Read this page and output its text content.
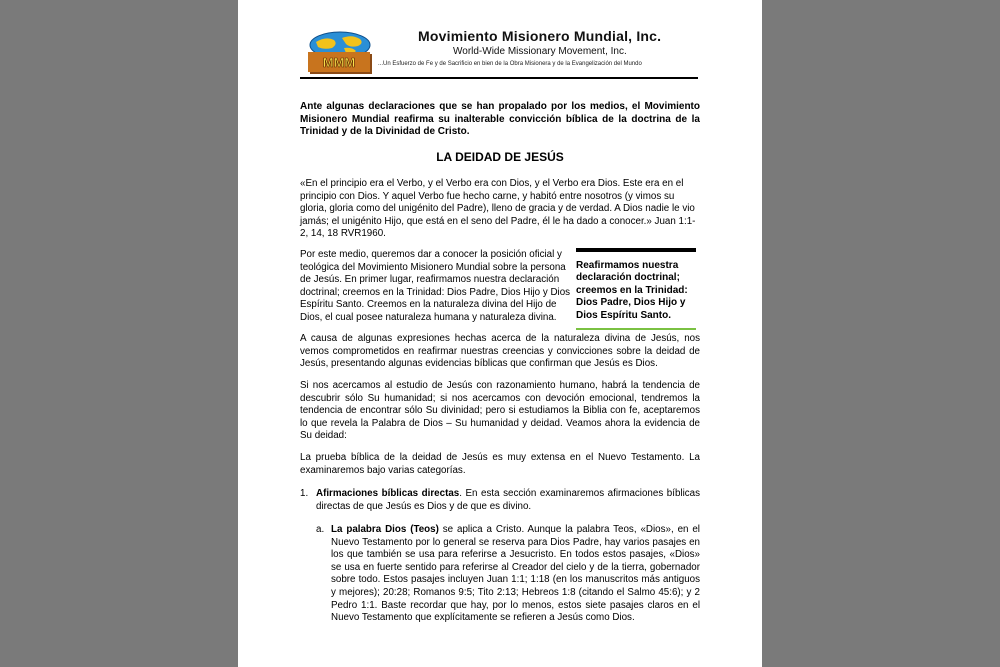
MMM
Movimiento Misionero Mundial, Inc.
World-Wide Missionary Movement, Inc.
...Un Esfuerzo de Fe y de Sacrificio en bien de la Obra Misionera y de la Evangelización del Mundo
Ante algunas declaraciones que se han propalado por los medios, el Movimiento Misionero Mundial reafirma su inalterable convicción bíblica de la doctrina de la Trinidad y de la Divinidad de Cristo.
LA DEIDAD DE JESÚS
«En el principio era el Verbo, y el Verbo era con Dios, y el Verbo era Dios. Este era en el principio con Dios. Y aquel Verbo fue hecho carne, y habitó entre nosotros (y vimos su gloria, gloria como del unigénito del Padre), lleno de gracia y de verdad. A Dios nadie le vio jamás; el unigénito Hijo, que está en el seno del Padre, él le ha dado a conocer.» Juan 1:1-2, 14, 18 RVR1960.
Por este medio, queremos dar a conocer la posición oficial y teológica del Movimiento Misionero Mundial sobre la persona de Jesús. En primer lugar, reafirmamos nuestra declaración doctrinal; creemos en la Trinidad: Dios Padre, Dios Hijo y Dios Espíritu Santo. Creemos en la naturaleza divina del Hijo de Dios, el cual posee naturaleza humana y naturaleza divina.
Reafirmamos nuestra declaración doctrinal; creemos en la Trinidad: Dios Padre, Dios Hijo y Dios Espíritu Santo.
A causa de algunas expresiones hechas acerca de la naturaleza divina de Jesús, nos vemos comprometidos en reafirmar nuestras creencias y convicciones sobre la deidad de Jesús, presentando algunas evidencias bíblicas que confirman que Jesús es Dios.
Si nos acercamos al estudio de Jesús con razonamiento humano, habrá la tendencia de descubrir sólo Su humanidad; si nos acercamos con devoción emocional, tendremos la tendencia de encontrar sólo Su divinidad; pero si estudiamos la Biblia con fe, aceptaremos lo que revela la Palabra de Dios – Su humanidad y deidad. Veamos ahora la evidencia de Su deidad:
La prueba bíblica de la deidad de Jesús es muy extensa en el Nuevo Testamento. La examinaremos bajo varias categorías.
1. Afirmaciones bíblicas directas. En esta sección examinaremos afirmaciones bíblicas directas de que Jesús es Dios y de que es divino.
a. La palabra Dios (Teos) se aplica a Cristo. Aunque la palabra Teos, «Dios», en el Nuevo Testamento por lo general se reserva para Dios Padre, hay varios pasajes en los que también se usa para referirse a Jesucristo. En todos estos pasajes, «Dios» se usa en fuerte sentido para referirse al Creador del cielo y de la tierra, gobernador sobre todo. Estos pasajes incluyen Juan 1:1; 1:18 (en los manuscritos más antiguos y mejores); 20:28; Romanos 9:5; Tito 2:13; Hebreos 1:8 (citando el Salmo 45:6); y 2 Pedro 1:1. Baste recordar que hay, por lo menos, estos siete pasajes claros en el Nuevo Testamento que explícitamente se refieren a Jesús como Dios.
